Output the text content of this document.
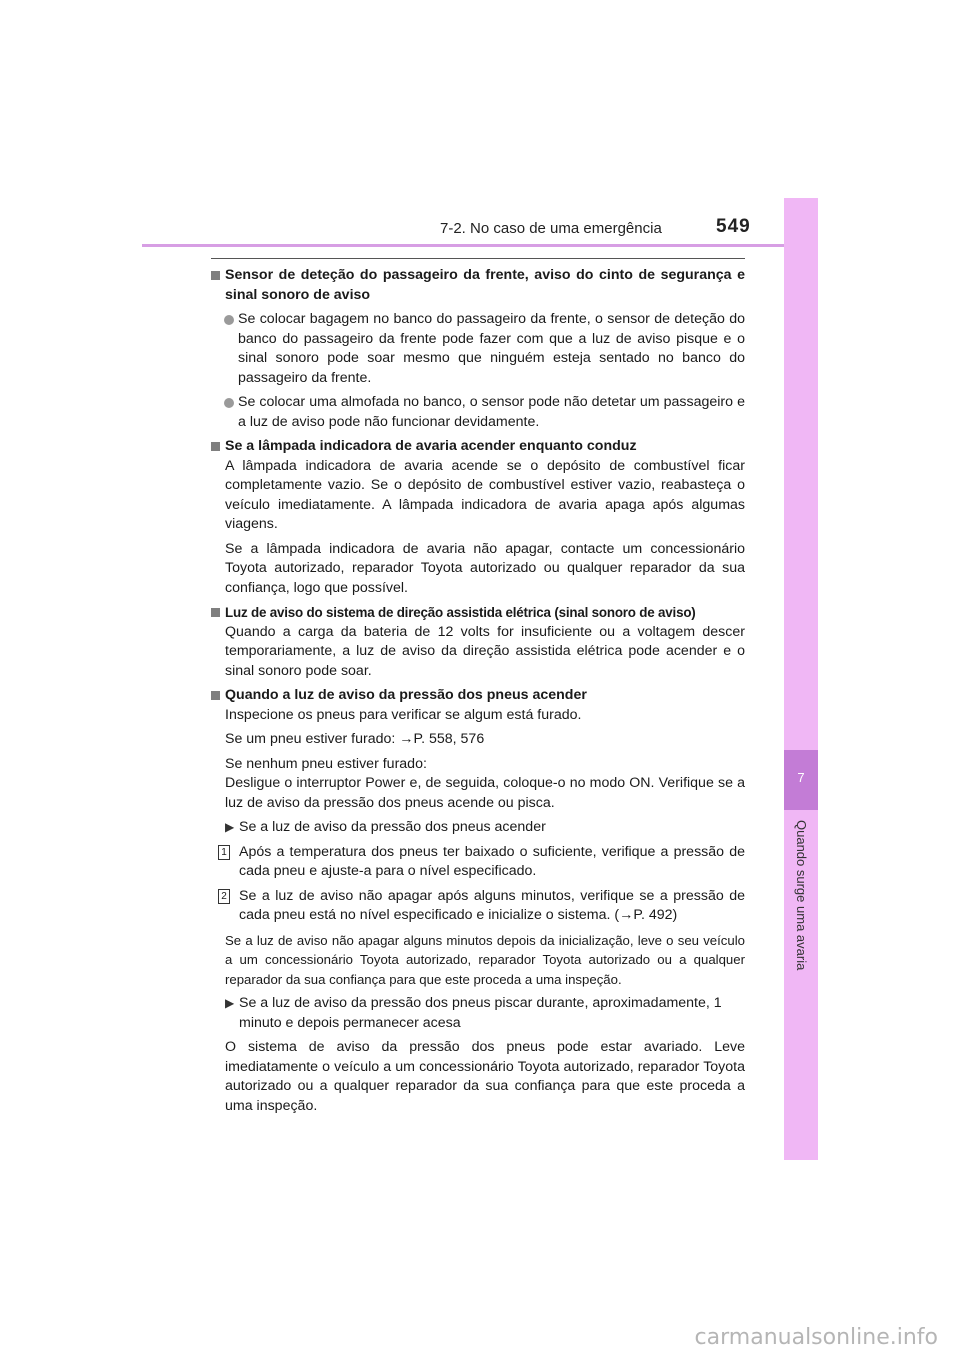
7-2. No caso de uma emergência	549
7
Quando surge uma avaria

Sensor de deteção do passageiro da frente, aviso do cinto de segurança e sinal sonoro de aviso

Se colocar bagagem no banco do passageiro da frente, o sensor de deteção do banco do passageiro da frente pode fazer com que a luz de aviso pisque e o sinal sonoro pode soar mesmo que ninguém esteja sentado no banco do passageiro da frente.

Se colocar uma almofada no banco, o sensor pode não detetar um passageiro e a luz de aviso pode não funcionar devidamente.

Se a lâmpada indicadora de avaria acender enquanto conduz

A lâmpada indicadora de avaria acende se o depósito de combustível ficar completamente vazio. Se o depósito de combustível estiver vazio, reabasteça o veículo imediatamente. A lâmpada indicadora de avaria apaga após algumas viagens.

Se a lâmpada indicadora de avaria não apagar, contacte um concessionário Toyota autorizado, reparador Toyota autorizado ou qualquer reparador da sua confiança, logo que possível.

Luz de aviso do sistema de direção assistida elétrica (sinal sonoro de aviso)

Quando a carga da bateria de 12 volts for insuficiente ou a voltagem descer temporariamente, a luz de aviso da direção assistida elétrica pode acender e o sinal sonoro pode soar.

Quando a luz de aviso da pressão dos pneus acender

Inspecione os pneus para verificar se algum está furado.

Se um pneu estiver furado: →P. 558, 576

Se nenhum pneu estiver furado:

Desligue o interruptor Power e, de seguida, coloque-o no modo ON. Verifique se a luz de aviso da pressão dos pneus acende ou pisca.

▶ Se a luz de aviso da pressão dos pneus acender

1 Após a temperatura dos pneus ter baixado o suficiente, verifique a pressão de cada pneu e ajuste-a para o nível especificado.

2 Se a luz de aviso não apagar após alguns minutos, verifique se a pressão de cada pneu está no nível especificado e inicialize o sistema. (→P. 492)

Se a luz de aviso não apagar alguns minutos depois da inicialização, leve o seu veículo a um concessionário Toyota autorizado, reparador Toyota autorizado ou a qualquer reparador da sua confiança para que este proceda a uma inspeção.

▶ Se a luz de aviso da pressão dos pneus piscar durante, aproximadamente, 1 minuto e depois permanecer acesa

O sistema de aviso da pressão dos pneus pode estar avariado. Leve imediatamente o veículo a um concessionário Toyota autorizado, reparador Toyota autorizado ou a qualquer reparador da sua confiança para que este proceda a uma inspeção.

carmanualsonline.info
